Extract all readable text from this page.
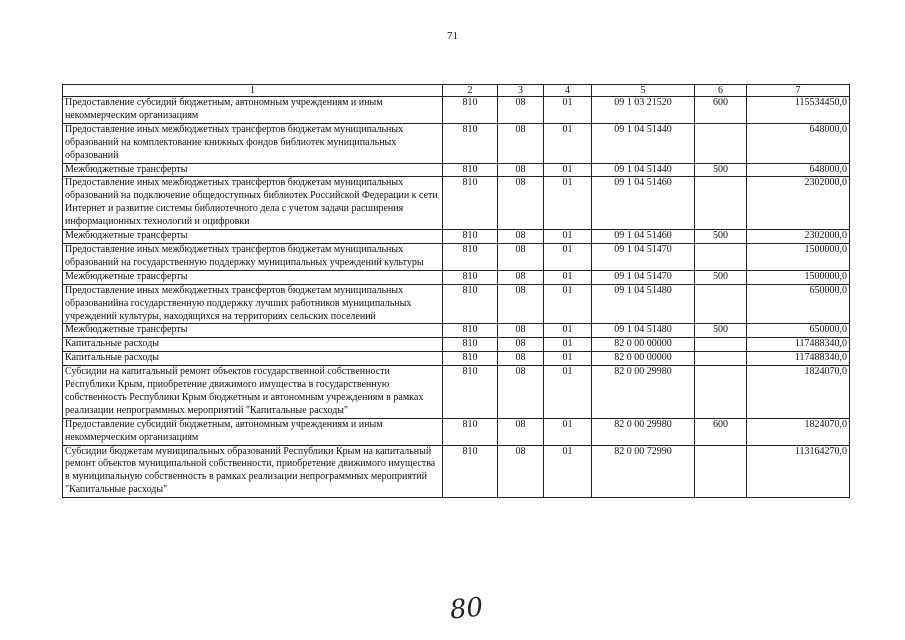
71
1	2	3	4	5	6	7
Предоставление субсидий бюджетным, автономным учреждениям и иным некоммерческим организациям	810	08	01	09 1 03 21520	600	115534450,0
Предоставление иных межбюджетных трансфертов бюджетам муниципальных образований на комплектование книжных фондов библиотек муниципальных образований	810	08	01	09 1 04 51440		648000,0
Межбюджетные трансферты	810	08	01	09 1 04 51440	500	648000,0
Предоставление иных межбюджетных трансфертов бюджетам муниципальных образований на подключение общедоступных библиотек Российской Федерации к сети Интернет и развитие системы библиотечного дела с учетом задачи расширения информационных технологий и оцифровки	810	08	01	09 1 04 51460		2302000,0
Межбюджетные трансферты	810	08	01	09 1 04 51460	500	2302000,0
Предоставление иных межбюджетных трансфертов бюджетам муниципальных образований на государственную поддержку муниципальных учреждений культуры	810	08	01	09 1 04 51470		1500000,0
Межбюджетные трансферты	810	08	01	09 1 04 51470	500	1500000,0
Предоставление иных межбюджетных трансфертов бюджетам муниципальных образованийна государственную поддержку лучших работников муниципальных учреждений культуры, находящихся на территориях сельских поселений	810	08	01	09 1 04 51480		650000,0
Межбюджетные трансферты	810	08	01	09 1 04 51480	500	650000,0
Капитальные расходы	810	08	01	82 0 00 00000		117488340,0
Капитальные расходы	810	08	01	82 0 00 00000		117488340,0
Субсидии на капитальный ремонт объектов государственной собственности Республики Крым, приобретение движимого имущества в государственную собственность Республики Крым бюджетным и автономным учреждениям в рамках реализации непрограммных мероприятий "Капитальные расходы"	810	08	01	82 0 00 29980		1824070,0
Предоставление субсидий бюджетным, автономным учреждениям и иным некоммерческим организациям	810	08	01	82 0 00 29980	600	1824070,0
Субсидии бюджетам муниципальных образований Республики Крым на капитальный ремонт объектов муниципальной собственности, приобретение движимого имущества в муниципальную собственность в рамках реализации непрограммных мероприятий "Капитальные расходы"	810	08	01	82 0 00 72990		113164270,0
80
